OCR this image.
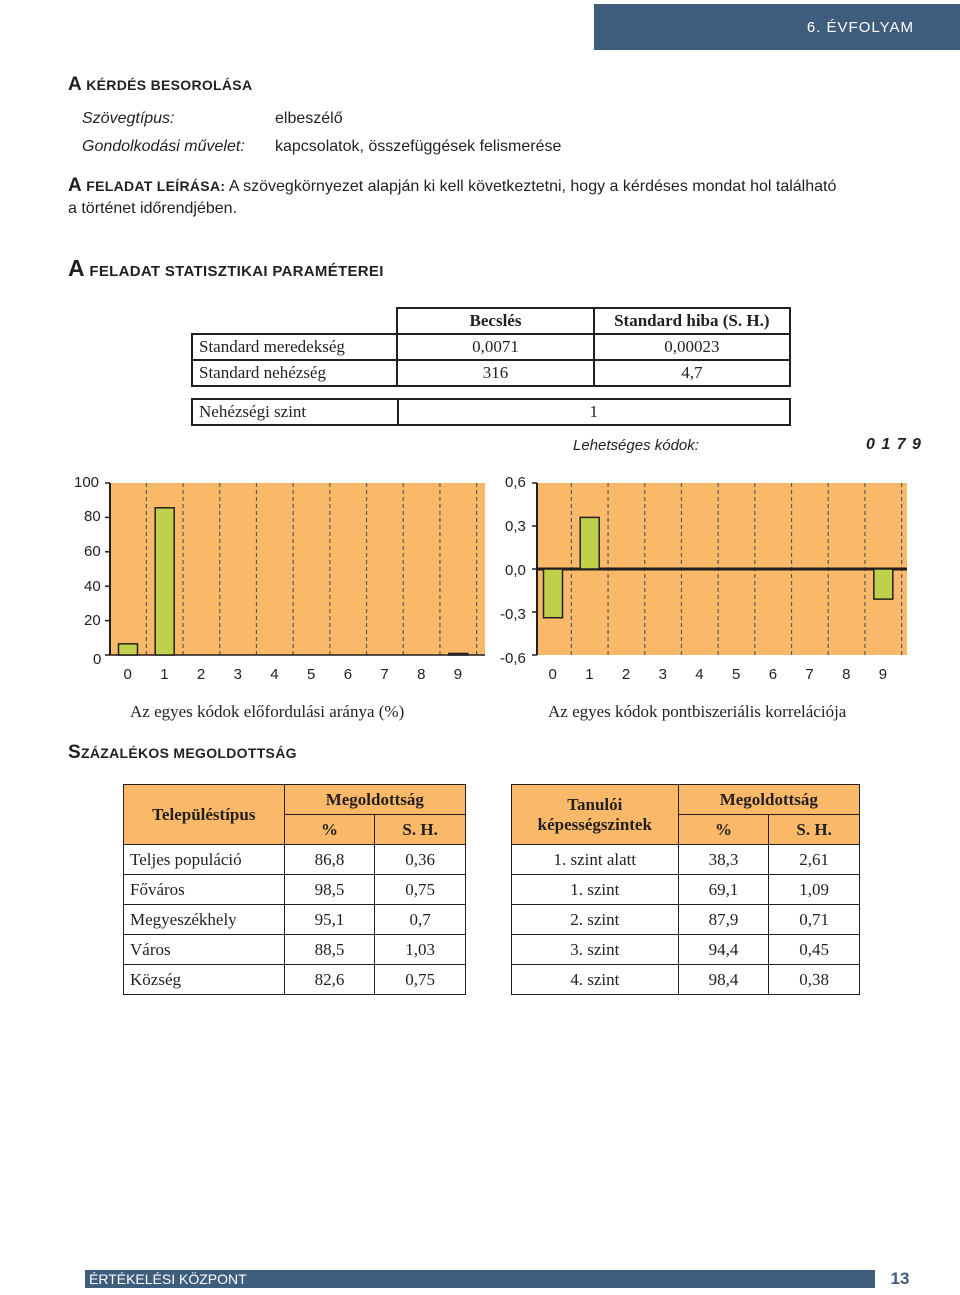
6. ÉVFOLYAM
A KÉRDÉS BESOROLÁSA
Szövegtípus:	elbeszélő
Gondolkodási művelet: kapcsolatok, összefüggések felismerése
A FELADAT LEÍRÁSA: A szövegkörnyezet alapján ki kell következtetni, hogy a kérdéses mondat hol található
a történet időrendjében.
A FELADAT STATISZTIKAI PARAMÉTEREI
	Becslés	Standard hiba (S. H.)
Standard meredekség	0,0071	0,00023
Standard nehézség	316	4,7
Nehézségi szint	1
Lehetséges kódok:	0 1 7 9
100
80
60
40
20
0
0 1 2 3 4 5 6 7 8 9
Az egyes kódok előfordulási aránya (%)
0,6
0,3
0,0
-0,3
-0,6
0 1 2 3 4 5 6 7 8 9
Az egyes kódok pontbiszeriális korrelációja
SZÁZALÉKOS MEGOLDOTTSÁG
Településtípus	Megoldottság	
	%	S. H.
Teljes populáció	86,8	0,36
Főváros	98,5	0,75
Megyeszékhely	95,1	0,7
Város	88,5	1,03
Község	82,6	0,75
Tanulói
képességszintek	Megoldottság	
	%	S. H.
1. szint alatt	38,3	2,61
1. szint	69,1	1,09
2. szint	87,9	0,71
3. szint	94,4	0,45
4. szint	98,4	0,38
ÉRTÉKELÉSI KÖZPONT	13
